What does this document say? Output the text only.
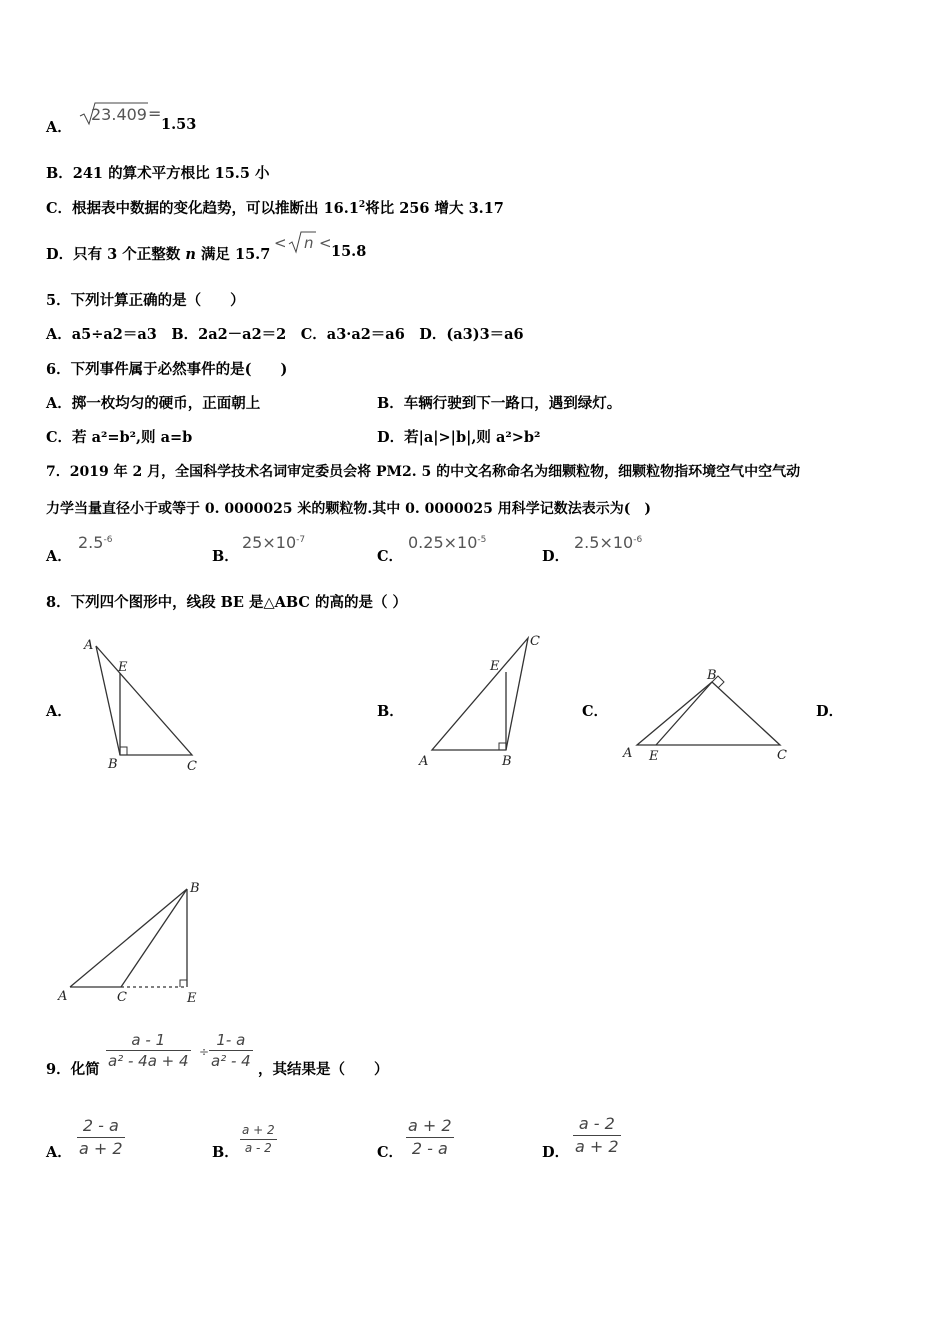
A．
23.409 =
1.53
B．241 的算术平方根比 15.5 小
C．根据表中数据的变化趋势，可以推断出 16.1$^2$将比 256 增大 3.17
D．只有 3 个正整数 n 满足 15.7
< n < 15.8
5．下列计算正确的是（　　）
A．a5÷a2＝a3　B．2a2－a2＝2　C．a3·a2＝a6　D．(a3)3＝a6
6．下列事件属于必然事件的是(　　)
A．掷一枚均匀的硬币，正面朝上	B．车辆行驶到下一路口，遇到绿灯。
C．若 a²=b²,则 a=b	D．若|a|>|b|,则 a²>b²
7．2019 年 2 月，全国科学技术名词审定委员会将 PM2. 5 的中文名称命名为细颗粒物，细颗粒物指环境空气中空气动
力学当量直径小于或等于 0. 0000025 米的颗粒物.其中 0. 0000025 用科学记数法表示为(　)
A．
$2.5^{-6}$
B．
$25\times 10^{-7}$
C．
$0.25\times 10^{-5}$
D．
$2.5\times 10^{-6}$
8．下列四个图形中，线段 BE 是△ABC 的高的是（ ）
A．
A
E
B	C
B．
A
E
B
C
C．
A E
B
C
D．
A	C	E
B
9．化简 $\frac{a - 1}{\text{a² - 4a + 4}} \div \frac{1- a}{\text{a² - 4}}$ ，其结果是（　　）
A． $\frac{2 - a}{a + 2}$	B． $\frac{a + 2}{a - 2}$	C． $\frac{a + 2}{2 - a}$	D． $\frac{a - 2}{a + 2}$
